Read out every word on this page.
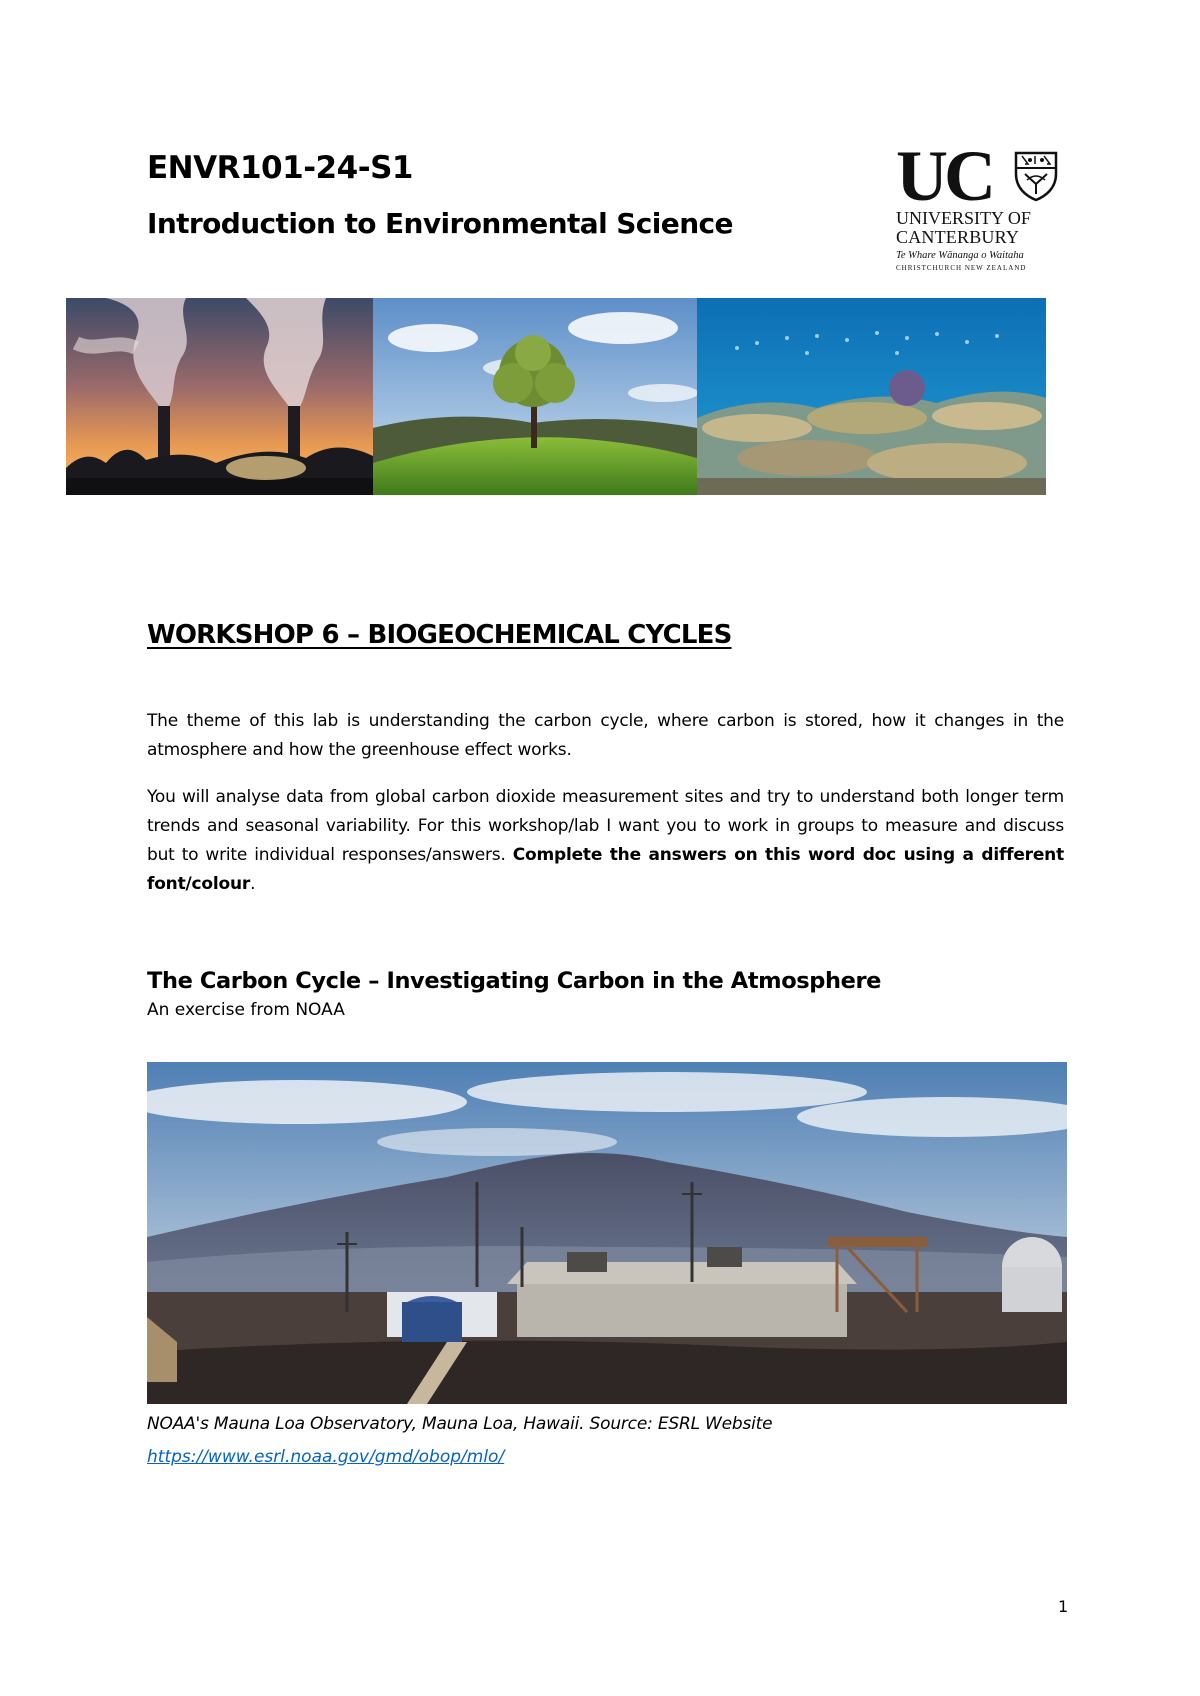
ENVR101-24-S1
Introduction to Environmental Science
UC
UNIVERSITY OF
CANTERBURY
Te Whare Wānanga o Waitaha
CHRISTCHURCH NEW ZEALAND
WORKSHOP 6 – BIOGEOCHEMICAL CYCLES

The theme of this lab is understanding the carbon cycle, where carbon is stored, how it changes in the atmosphere and how the greenhouse effect works.

You will analyse data from global carbon dioxide measurement sites and try to understand both longer term trends and seasonal variability. For this workshop/lab I want you to work in groups to measure and discuss but to write individual responses/answers. Complete the answers on this word doc using a different font/colour.

The Carbon Cycle – Investigating Carbon in the Atmosphere

An exercise from NOAA

NOAA's Mauna Loa Observatory, Mauna Loa, Hawaii. Source: ESRL Website

https://www.esrl.noaa.gov/gmd/obop/mlo/

1
